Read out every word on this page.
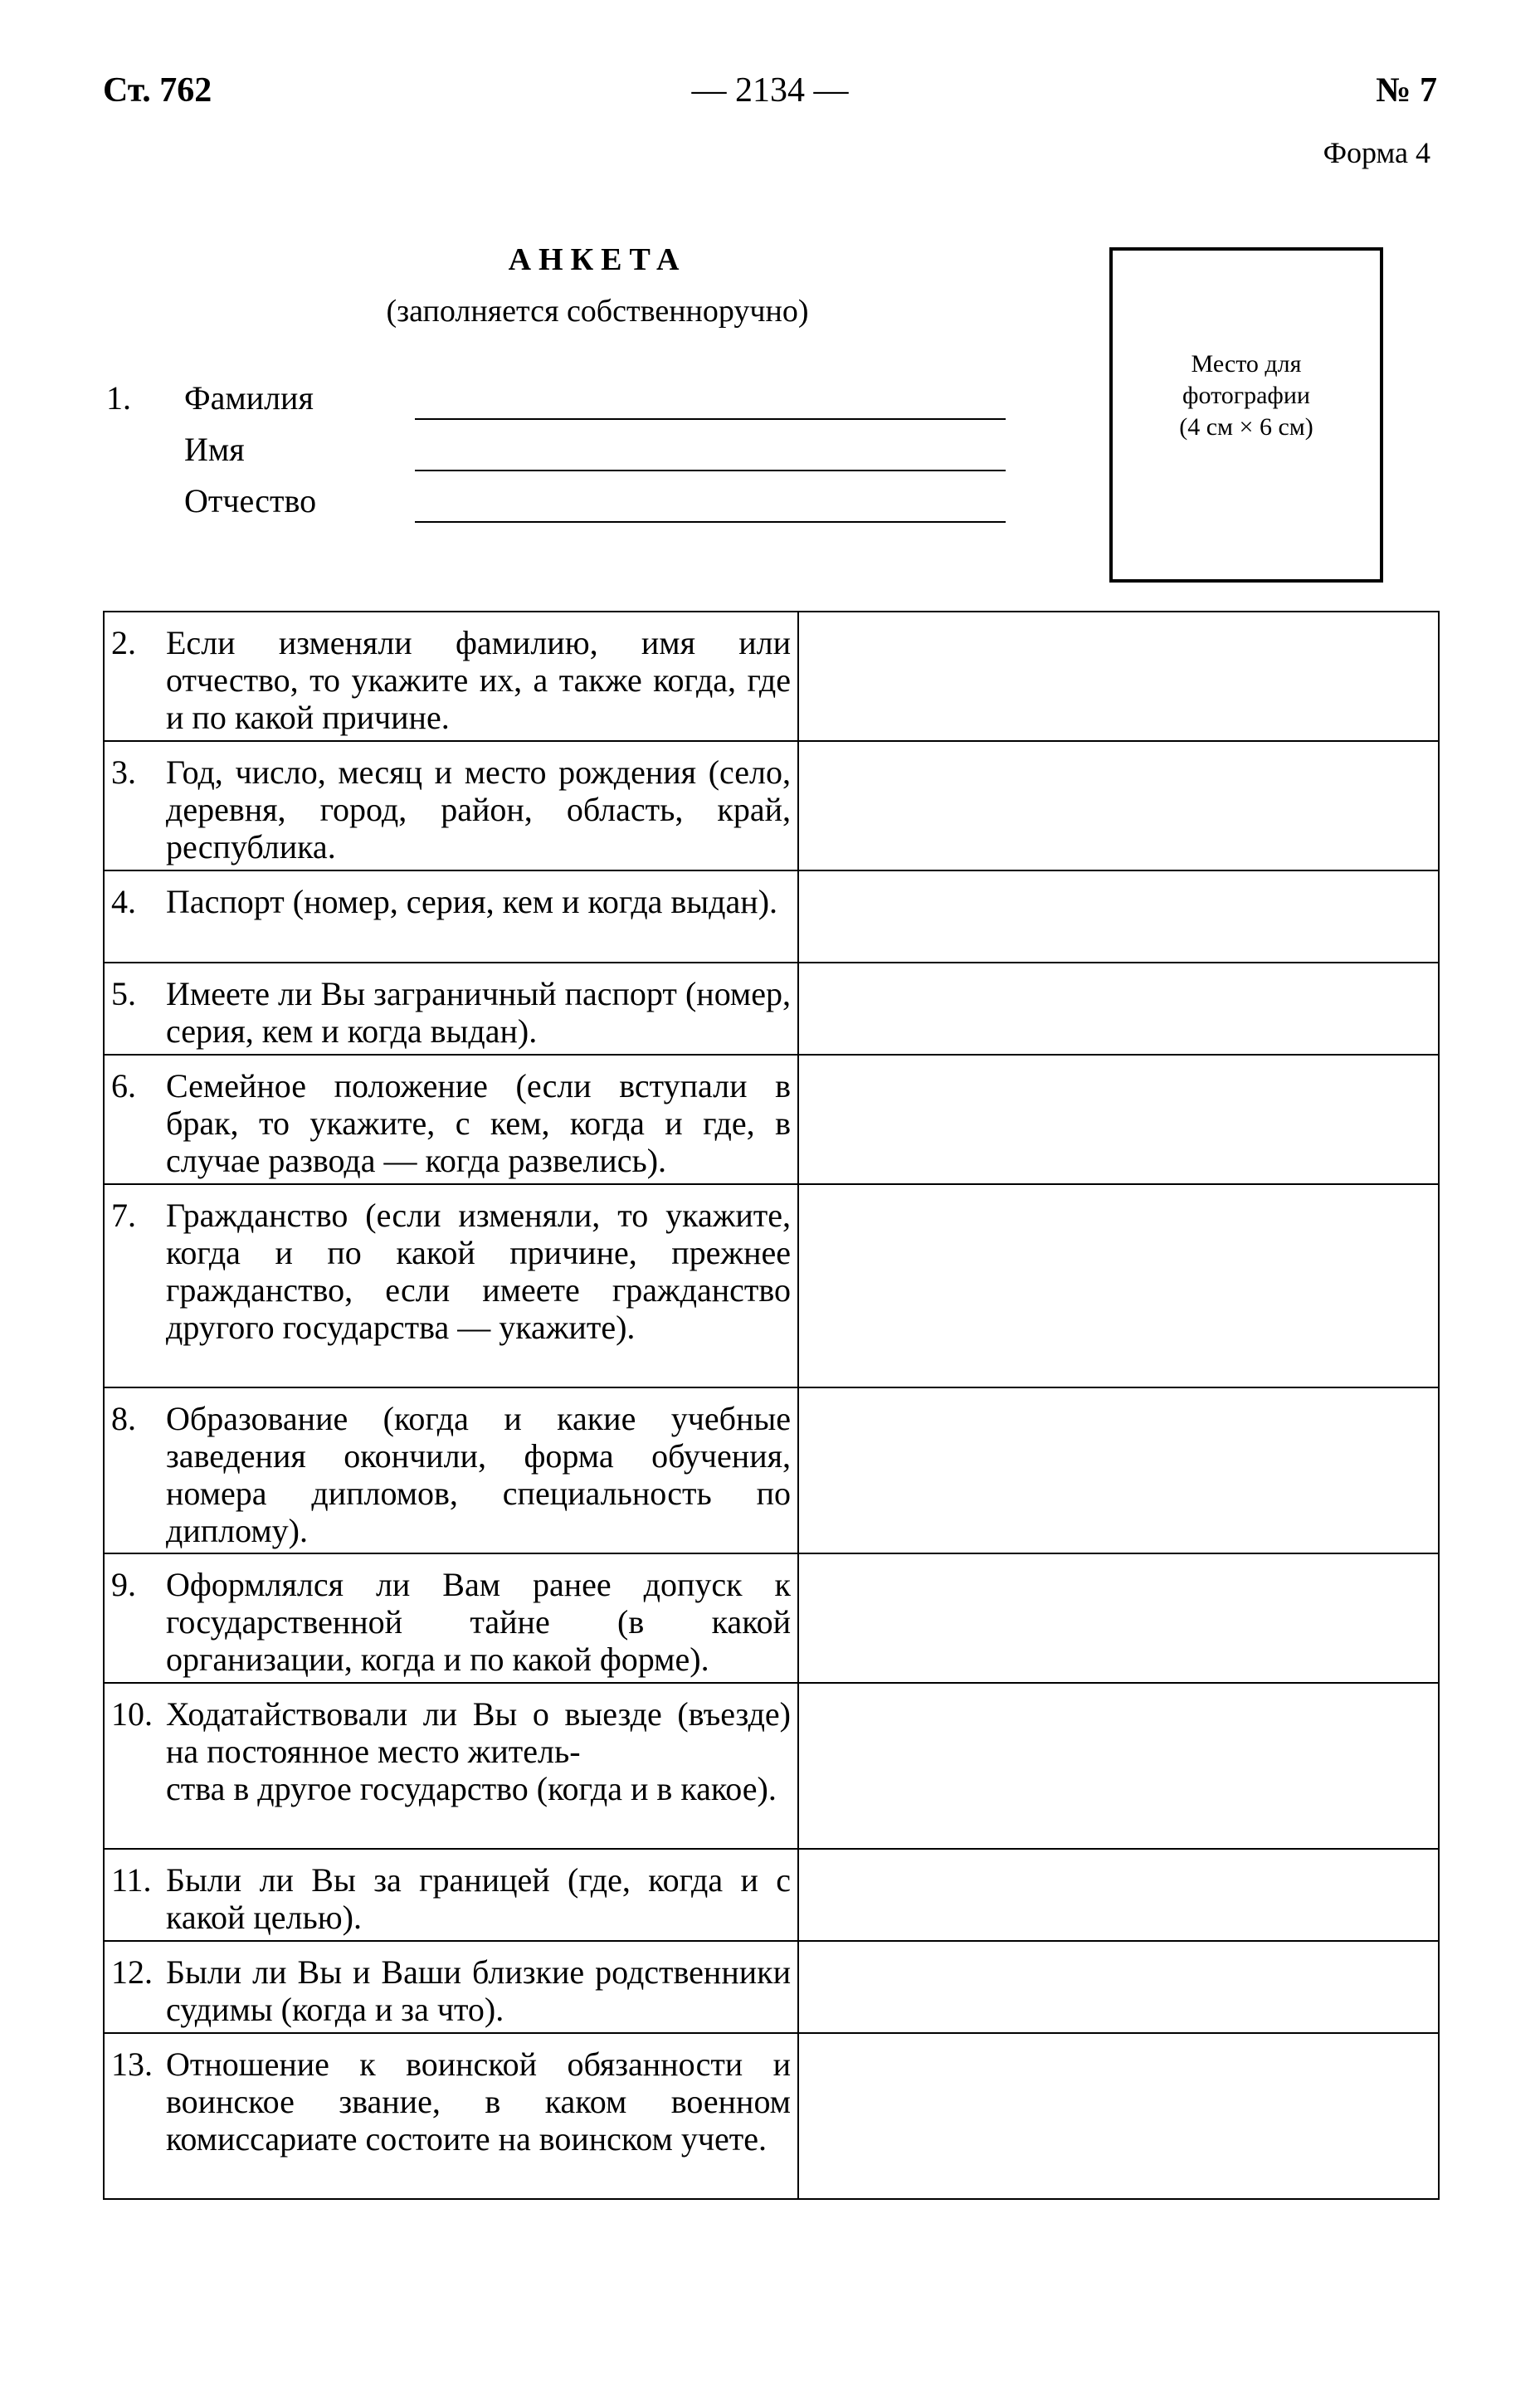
Ст. 762	— 2134 —	№ 7
Форма 4
АНКЕТА
(заполняется собственноручно)
1. Фамилия
Имя
Отчество
Место для
фотографии
(4 см × 6 см)
2. Если изменяли фамилию, имя или отчество, то укажите их, а также когда, где и по какой причине.	

3. Год, число, месяц и место рождения (село, деревня, город, район, область, край, республика.	

4. Паспорт (номер, серия, кем и когда выдан).	

5. Имеете ли Вы заграничный паспорт (номер, серия, кем и когда выдан).	

6. Семейное положение (если вступали в брак, то укажите, с кем, когда и где, в случае развода — когда развелись).	

7. Гражданство (если изменяли, то укажите, когда и по какой причине, прежнее гражданство, если имеете гражданство другого государства — укажите).	

8. Образование (когда и какие учебные заведения окончили, форма обучения, номера дипломов, специальность по диплому).	

9. Оформлялся ли Вам ранее допуск к государственной тайне (в какой организации, когда и по какой форме).	

10. Ходатайствовали ли Вы о выезде (въезде) на постоянное место житель-
ства в другое государство (когда и в какое).	

11. Были ли Вы за границей (где, когда и с какой целью).	

12. Были ли Вы и Ваши близкие родственники судимы (когда и за что).	

13. Отношение к воинской обязанности и воинское звание, в каком военном комиссариате состоите на воинском учете.	
